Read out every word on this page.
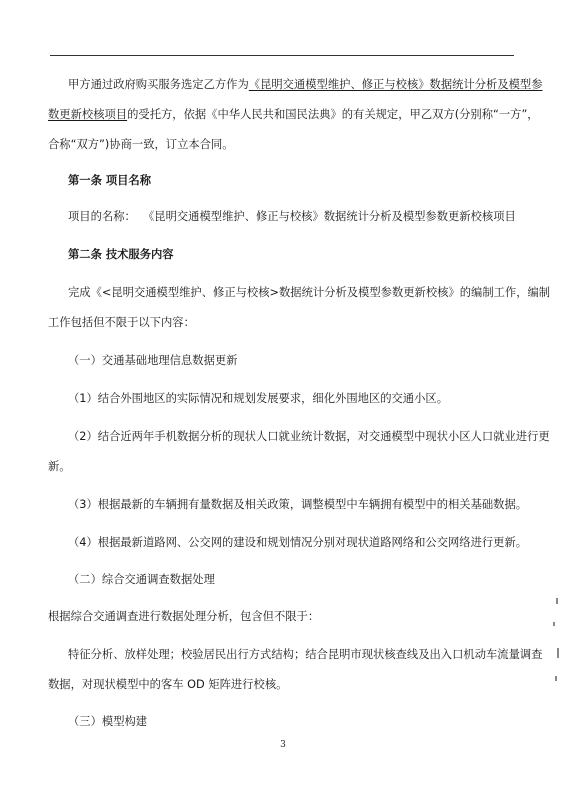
甲方通过政府购买服务选定乙方作为《昆明交通模型维护、修正与校核》数据统计分析及模型参
数更新校核项目的受托方，依据《中华人民共和国民法典》的有关规定，甲乙双方(分别称“一方”，
合称“双方”)协商一致，订立本合同。
第一条 项目名称
项目的名称： 《昆明交通模型维护、修正与校核》数据统计分析及模型参数更新校核项目
第二条 技术服务内容
完成《<昆明交通模型维护、修正与校核>数据统计分析及模型参数更新校核》的编制工作，编制
工作包括但不限于以下内容：
（一）交通基础地理信息数据更新
（1）结合外围地区的实际情况和规划发展要求，细化外围地区的交通小区。
（2）结合近两年手机数据分析的现状人口就业统计数据，对交通模型中现状小区人口就业进行更
新。
（3）根据最新的车辆拥有量数据及相关政策，调整模型中车辆拥有模型中的相关基础数据。
（4）根据最新道路网、公交网的建设和规划情况分别对现状道路网络和公交网络进行更新。
（二）综合交通调查数据处理
根据综合交通调查进行数据处理分析，包含但不限于：
特征分析、放样处理；校验居民出行方式结构；结合昆明市现状核查线及出入口机动车流量调查
数据，对现状模型中的客车 OD 矩阵进行校核。
（三）模型构建
3
